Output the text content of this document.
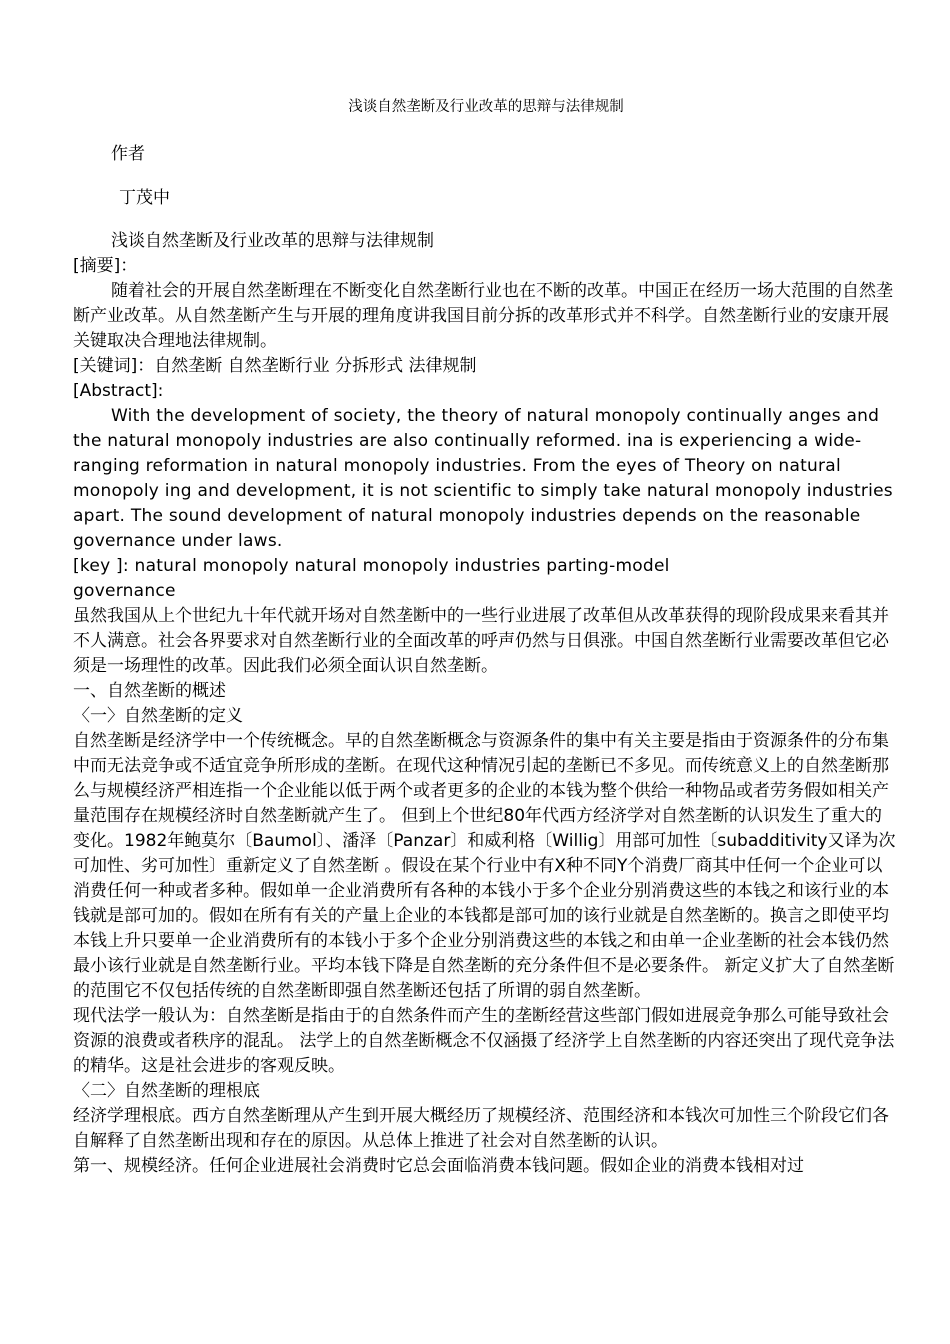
浅谈自然垄断及行业改革的思辩与法律规制
作者
丁茂中

浅谈自然垄断及行业改革的思辩与法律规制

[摘要]：

随着社会的开展自然垄断理在不断变化自然垄断行业也在不断的改革。中国正在经历一场大范围的自然垄断产业改革。从自然垄断产生与开展的理角度讲我国目前分拆的改革形式并不科学。自然垄断行业的安康开展关键取决合理地法律规制。

[关键词]：自然垄断 自然垄断行业 分拆形式 法律规制

[Abstract]:

With the development of society, the theory of natural monopoly continually anges and the natural monopoly industries are also continually reformed. ina is experiencing a wide-ranging reformation in natural monopoly industries. From the eyes of Theory on natural monopoly ing and development, it is not scientific to simply take natural monopoly industries apart. The sound development of natural monopoly industries depends on the reasonable governance under laws.

[key ]: natural monopoly natural monopoly industries parting-model

governance

虽然我国从上个世纪九十年代就开场对自然垄断中的一些行业进展了改革但从改革获得的现阶段成果来看其并不人满意。社会各界要求对自然垄断行业的全面改革的呼声仍然与日俱涨。中国自然垄断行业需要改革但它必须是一场理性的改革。因此我们必须全面认识自然垄断。

一、自然垄断的概述

〈一〉自然垄断的定义

自然垄断是经济学中一个传统概念。早的自然垄断概念与资源条件的集中有关主要是指由于资源条件的分布集中而无法竞争或不适宜竞争所形成的垄断。在现代这种情况引起的垄断已不多见。而传统意义上的自然垄断那么与规模经济严相连指一个企业能以低于两个或者更多的企业的本钱为整个供给一种物品或者劳务假如相关产量范围存在规模经济时自然垄断就产生了。 但到上个世纪80年代西方经济学对自然垄断的认识发生了重大的变化。1982年鲍莫尔〔Baumol〕、潘泽〔Panzar〕和威利格〔Willig〕用部可加性〔subadditivity又译为次可加性、劣可加性〕重新定义了自然垄断 。假设在某个行业中有X种不同Y个消费厂商其中任何一个企业可以消费任何一种或者多种。假如单一企业消费所有各种的本钱小于多个企业分别消费这些的本钱之和该行业的本钱就是部可加的。假如在所有有关的产量上企业的本钱都是部可加的该行业就是自然垄断的。换言之即使平均本钱上升只要单一企业消费所有的本钱小于多个企业分别消费这些的本钱之和由单一企业垄断的社会本钱仍然最小该行业就是自然垄断行业。平均本钱下降是自然垄断的充分条件但不是必要条件。 新定义扩大了自然垄断的范围它不仅包括传统的自然垄断即强自然垄断还包括了所谓的弱自然垄断。

现代法学一般认为：自然垄断是指由于的自然条件而产生的垄断经营这些部门假如进展竞争那么可能导致社会资源的浪费或者秩序的混乱。 法学上的自然垄断概念不仅涵摄了经济学上自然垄断的内容还突出了现代竞争法的精华。这是社会进步的客观反映。

〈二〉自然垄断的理根底

经济学理根底。西方自然垄断理从产生到开展大概经历了规模经济、范围经济和本钱次可加性三个阶段它们各自解释了自然垄断出现和存在的原因。从总体上推进了社会对自然垄断的认识。

第一、规模经济。任何企业进展社会消费时它总会面临消费本钱问题。假如企业的消费本钱相对过
